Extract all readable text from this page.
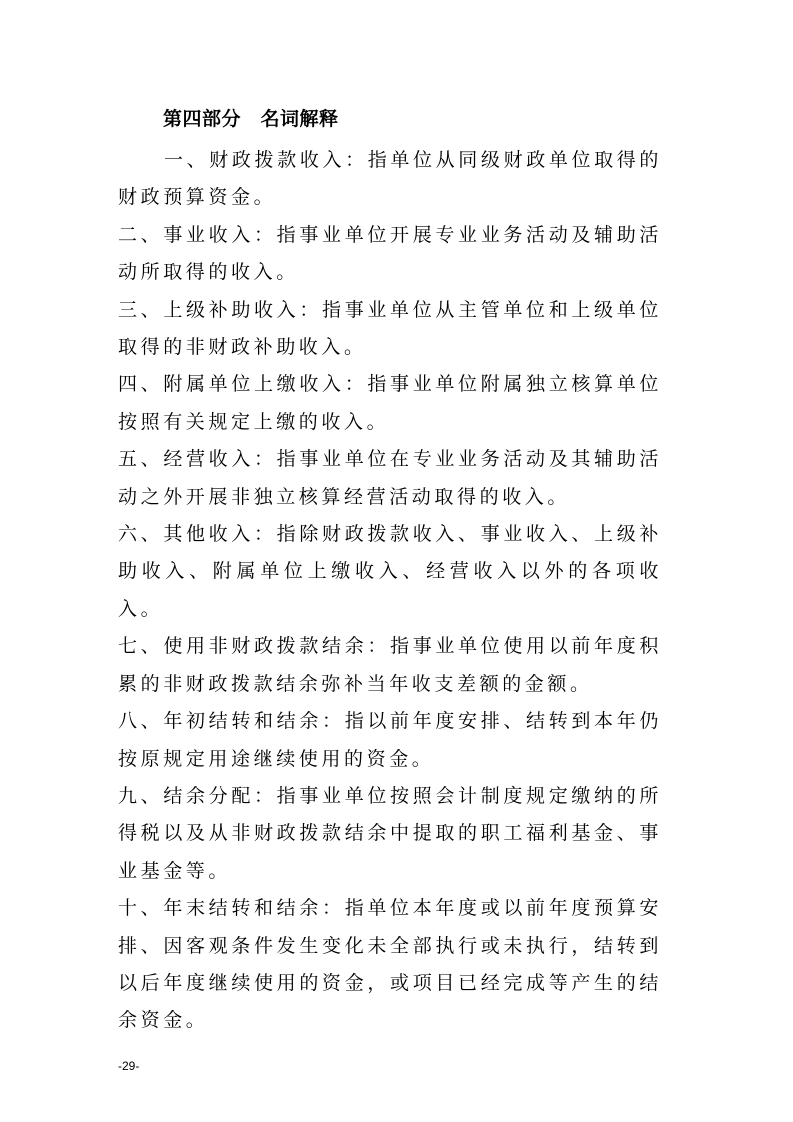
第四部分　名词解释

一、财政拨款收入：指单位从同级财政单位取得的财政预算资金。

二、事业收入：指事业单位开展专业业务活动及辅助活动所取得的收入。

三、上级补助收入：指事业单位从主管单位和上级单位取得的非财政补助收入。

四、附属单位上缴收入：指事业单位附属独立核算单位按照有关规定上缴的收入。

五、经营收入：指事业单位在专业业务活动及其辅助活动之外开展非独立核算经营活动取得的收入。

六、其他收入：指除财政拨款收入、事业收入、上级补助收入、附属单位上缴收入、经营收入以外的各项收入。

七、使用非财政拨款结余：指事业单位使用以前年度积累的非财政拨款结余弥补当年收支差额的金额。

八、年初结转和结余：指以前年度安排、结转到本年仍按原规定用途继续使用的资金。

九、结余分配：指事业单位按照会计制度规定缴纳的所得税以及从非财政拨款结余中提取的职工福利基金、事业基金等。

十、年末结转和结余：指单位本年度或以前年度预算安排、因客观条件发生变化未全部执行或未执行，结转到以后年度继续使用的资金，或项目已经完成等产生的结余资金。

-29-
